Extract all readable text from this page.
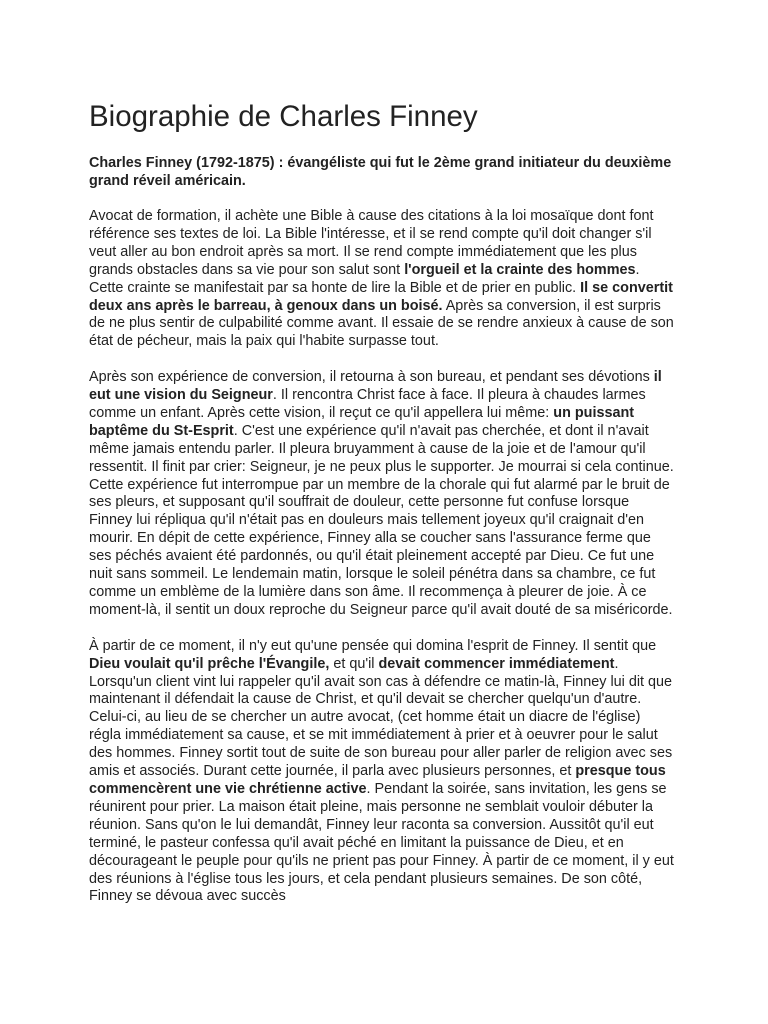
Biographie de Charles Finney

Charles Finney (1792-1875) : évangéliste qui fut le 2ème grand initiateur du deuxième grand réveil américain.

Avocat de formation, il achète une Bible à cause des citations à la loi mosaïque dont font référence ses textes de loi. La Bible l'intéresse, et il se rend compte qu'il doit changer s'il veut aller au bon endroit après sa mort. Il se rend compte immédiatement que les plus grands obstacles dans sa vie pour son salut sont l'orgueil et la crainte des hommes. Cette crainte se manifestait par sa honte de lire la Bible et de prier en public. Il se convertit deux ans après le barreau, à genoux dans un boisé. Après sa conversion, il est surpris de ne plus sentir de culpabilité comme avant. Il essaie de se rendre anxieux à cause de son état de pécheur, mais la paix qui l'habite surpasse tout.

Après son expérience de conversion, il retourna à son bureau, et pendant ses dévotions il eut une vision du Seigneur. Il rencontra Christ face à face. Il pleura à chaudes larmes comme un enfant. Après cette vision, il reçut ce qu'il appellera lui même: un puissant baptême du St-Esprit. C'est une expérience qu'il n'avait pas cherchée, et dont il n'avait même jamais entendu parler. Il pleura bruyamment à cause de la joie et de l'amour qu'il ressentit. Il finit par crier: Seigneur, je ne peux plus le supporter. Je mourrai si cela continue. Cette expérience fut interrompue par un membre de la chorale qui fut alarmé par le bruit de ses pleurs, et supposant qu'il souffrait de douleur, cette personne fut confuse lorsque Finney lui répliqua qu'il n'était pas en douleurs mais tellement joyeux qu'il craignait d'en mourir. En dépit de cette expérience, Finney alla se coucher sans l'assurance ferme que ses péchés avaient été pardonnés, ou qu'il était pleinement accepté par Dieu. Ce fut une nuit sans sommeil. Le lendemain matin, lorsque le soleil pénétra dans sa chambre, ce fut comme un emblème de la lumière dans son âme. Il recommença à pleurer de joie. À ce moment-là, il sentit un doux reproche du Seigneur parce qu'il avait douté de sa miséricorde.

À partir de ce moment, il n'y eut qu'une pensée qui domina l'esprit de Finney. Il sentit que Dieu voulait qu'il prêche l'Évangile, et qu'il devait commencer immédiatement. Lorsqu'un client vint lui rappeler qu'il avait son cas à défendre ce matin-là, Finney lui dit que maintenant il défendait la cause de Christ, et qu'il devait se chercher quelqu'un d'autre. Celui-ci, au lieu de se chercher un autre avocat, (cet homme était un diacre de l'église) régla immédiatement sa cause, et se mit immédiatement à prier et à oeuvrer pour le salut des hommes. Finney sortit tout de suite de son bureau pour aller parler de religion avec ses amis et associés. Durant cette journée, il parla avec plusieurs personnes, et presque tous commencèrent une vie chrétienne active. Pendant la soirée, sans invitation, les gens se réunirent pour prier. La maison était pleine, mais personne ne semblait vouloir débuter la réunion. Sans qu'on le lui demandât, Finney leur raconta sa conversion. Aussitôt qu'il eut terminé, le pasteur confessa qu'il avait péché en limitant la puissance de Dieu, et en décourageant le peuple pour qu'ils ne prient pas pour Finney. À partir de ce moment, il y eut des réunions à l'église tous les jours, et cela pendant plusieurs semaines. De son côté, Finney se dévoua avec succès
